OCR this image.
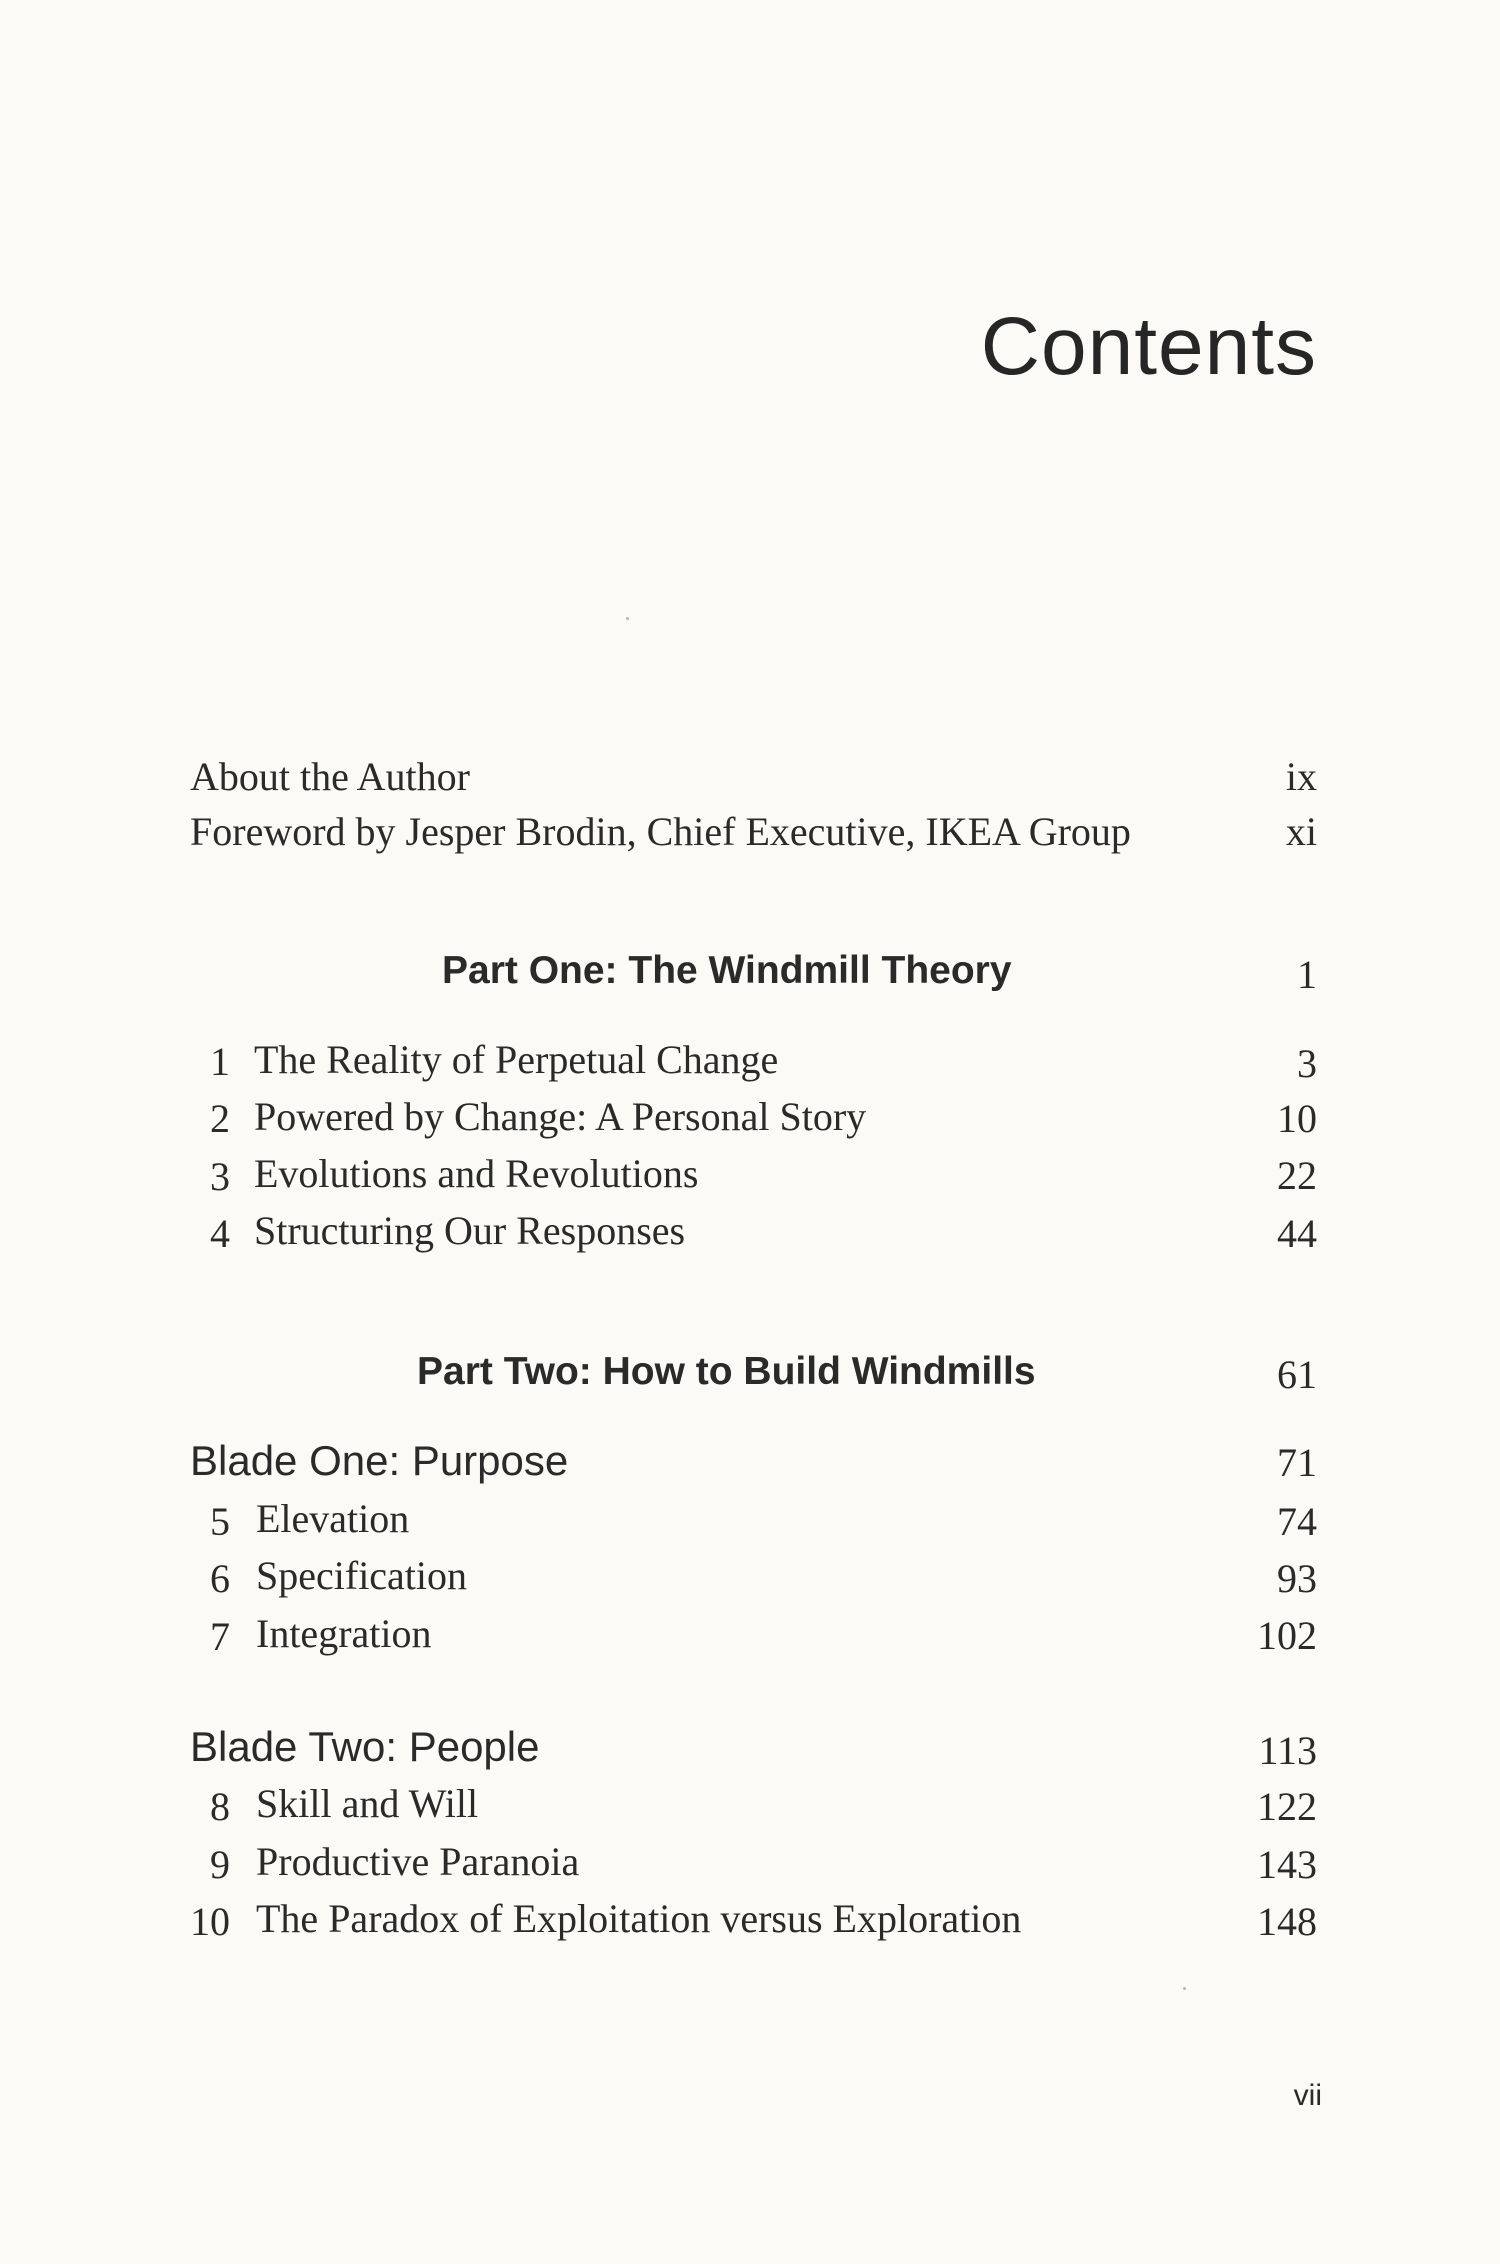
Contents
About the Author	ix
Foreword by Jesper Brodin, Chief Executive, IKEA Group	xi
Part One: The Windmill Theory	1
1 The Reality of Perpetual Change	3
2 Powered by Change: A Personal Story	10
3 Evolutions and Revolutions	22
4 Structuring Our Responses	44
Part Two: How to Build Windmills	61
Blade One: Purpose	71
5 Elevation	74
6 Specification	93
7 Integration	102
Blade Two: People	113
8 Skill and Will	122
9 Productive Paranoia	143
10 The Paradox of Exploitation versus Exploration	148
vii
